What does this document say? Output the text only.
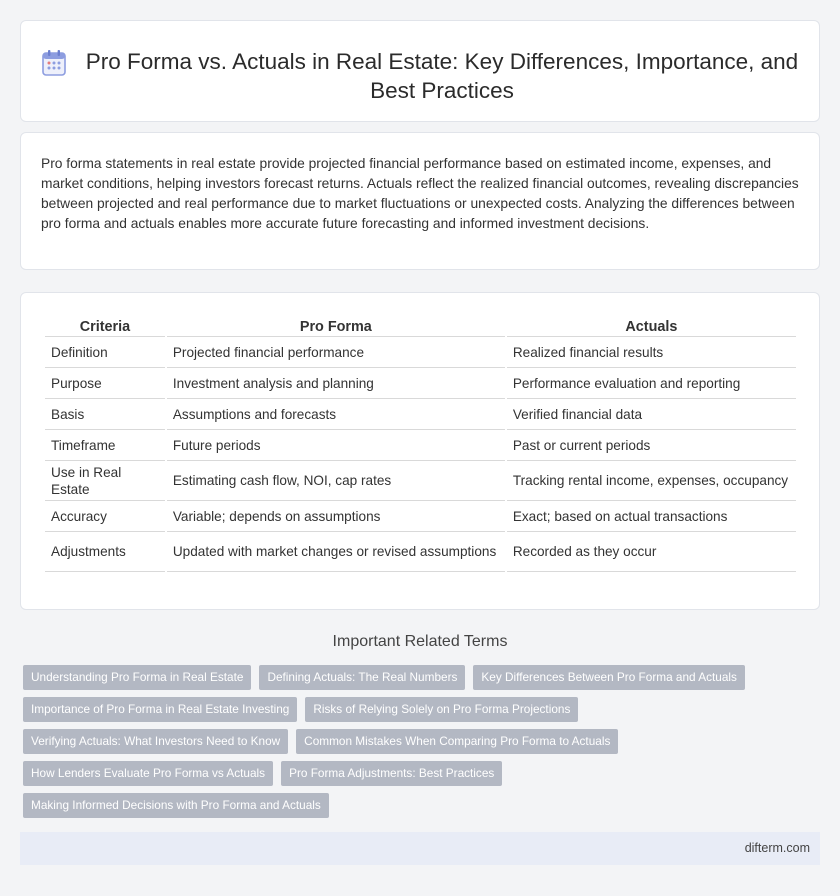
Pro Forma vs. Actuals in Real Estate: Key Differences, Importance, and Best Practices

Pro forma statements in real estate provide projected financial performance based on estimated income, expenses, and market conditions, helping investors forecast returns. Actuals reflect the realized financial outcomes, revealing discrepancies between projected and real performance due to market fluctuations or unexpected costs. Analyzing the differences between pro forma and actuals enables more accurate future forecasting and informed investment decisions.

Criteria	Pro Forma	Actuals
Definition	Projected financial performance	Realized financial results
Purpose	Investment analysis and planning	Performance evaluation and reporting
Basis	Assumptions and forecasts	Verified financial data
Timeframe	Future periods	Past or current periods
Use in Real Estate	Estimating cash flow, NOI, cap rates	Tracking rental income, expenses, occupancy
Accuracy	Variable; depends on assumptions	Exact; based on actual transactions
Adjustments	Updated with market changes or revised assumptions	Recorded as they occur
Important Related Terms
Understanding Pro Forma in Real Estate	Defining Actuals: The Real Numbers	Key Differences Between Pro Forma and Actuals
Importance of Pro Forma in Real Estate Investing	Risks of Relying Solely on Pro Forma Projections
Verifying Actuals: What Investors Need to Know	Common Mistakes When Comparing Pro Forma to Actuals
How Lenders Evaluate Pro Forma vs Actuals	Pro Forma Adjustments: Best Practices
Making Informed Decisions with Pro Forma and Actuals
difterm.com
